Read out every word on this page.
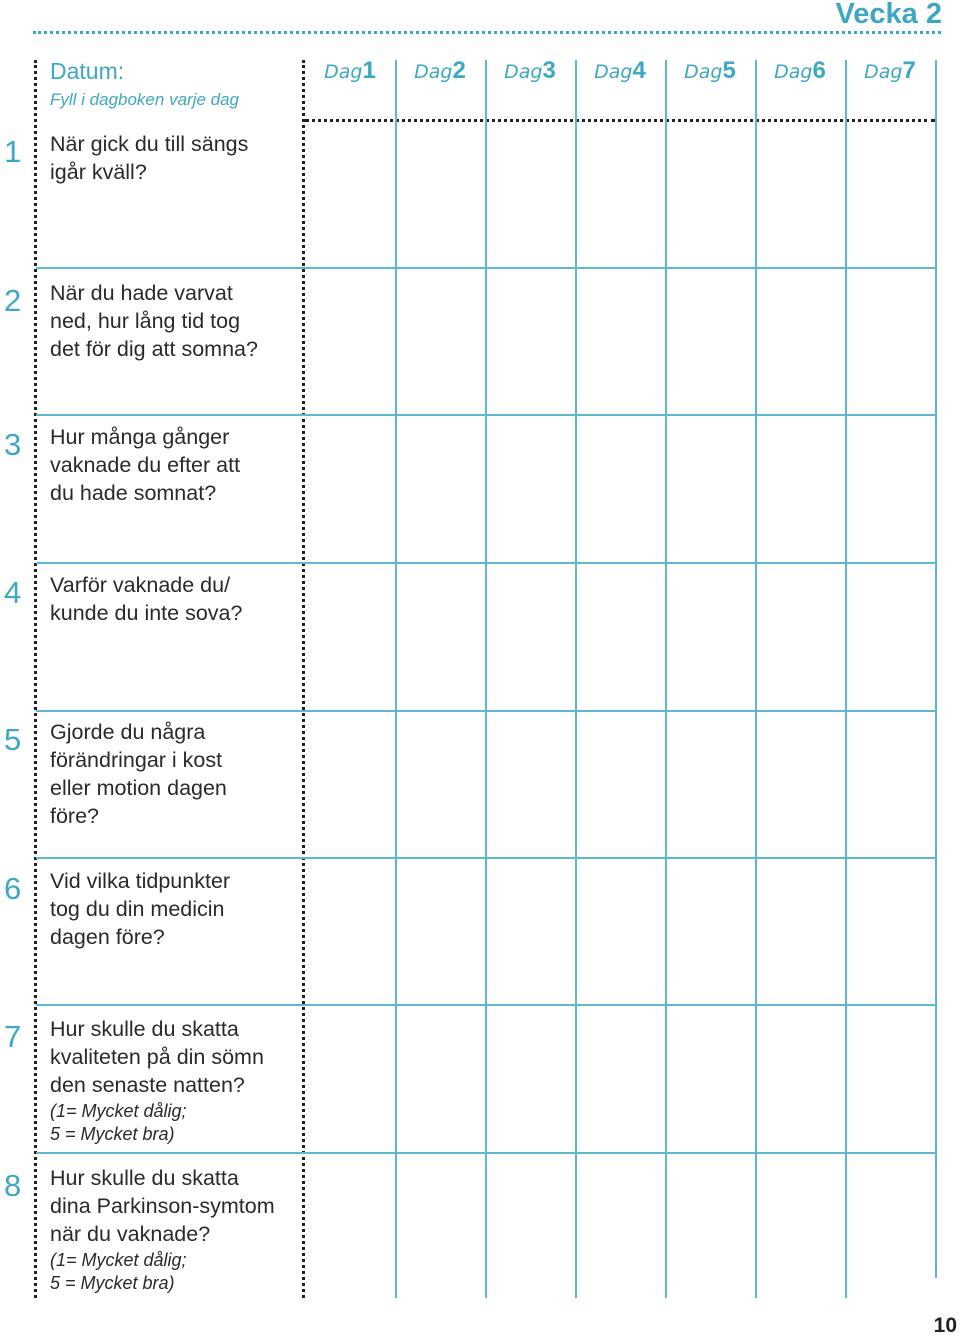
Vecka 2
Datum:
Fyll i dagboken varje dag
Dag1	Dag2	Dag3	Dag4	Dag5	Dag6	Dag7
1 När gick du till sängs
igår kväll?
2 När du hade varvat
ned, hur lång tid tog
det för dig att somna?
3 Hur många gånger
vaknade du efter att
du hade somnat?
4 Varför vaknade du/
kunde du inte sova?
5 Gjorde du några
förändringar i kost
eller motion dagen
före?
6 Vid vilka tidpunkter
tog du din medicin
dagen före?
7 Hur skulle du skatta
kvaliteten på din sömn
den senaste natten?
(1= Mycket dålig;
5 = Mycket bra)
8 Hur skulle du skatta
dina Parkinson-symtom
när du vaknade?
(1= Mycket dålig;
5 = Mycket bra)
10
